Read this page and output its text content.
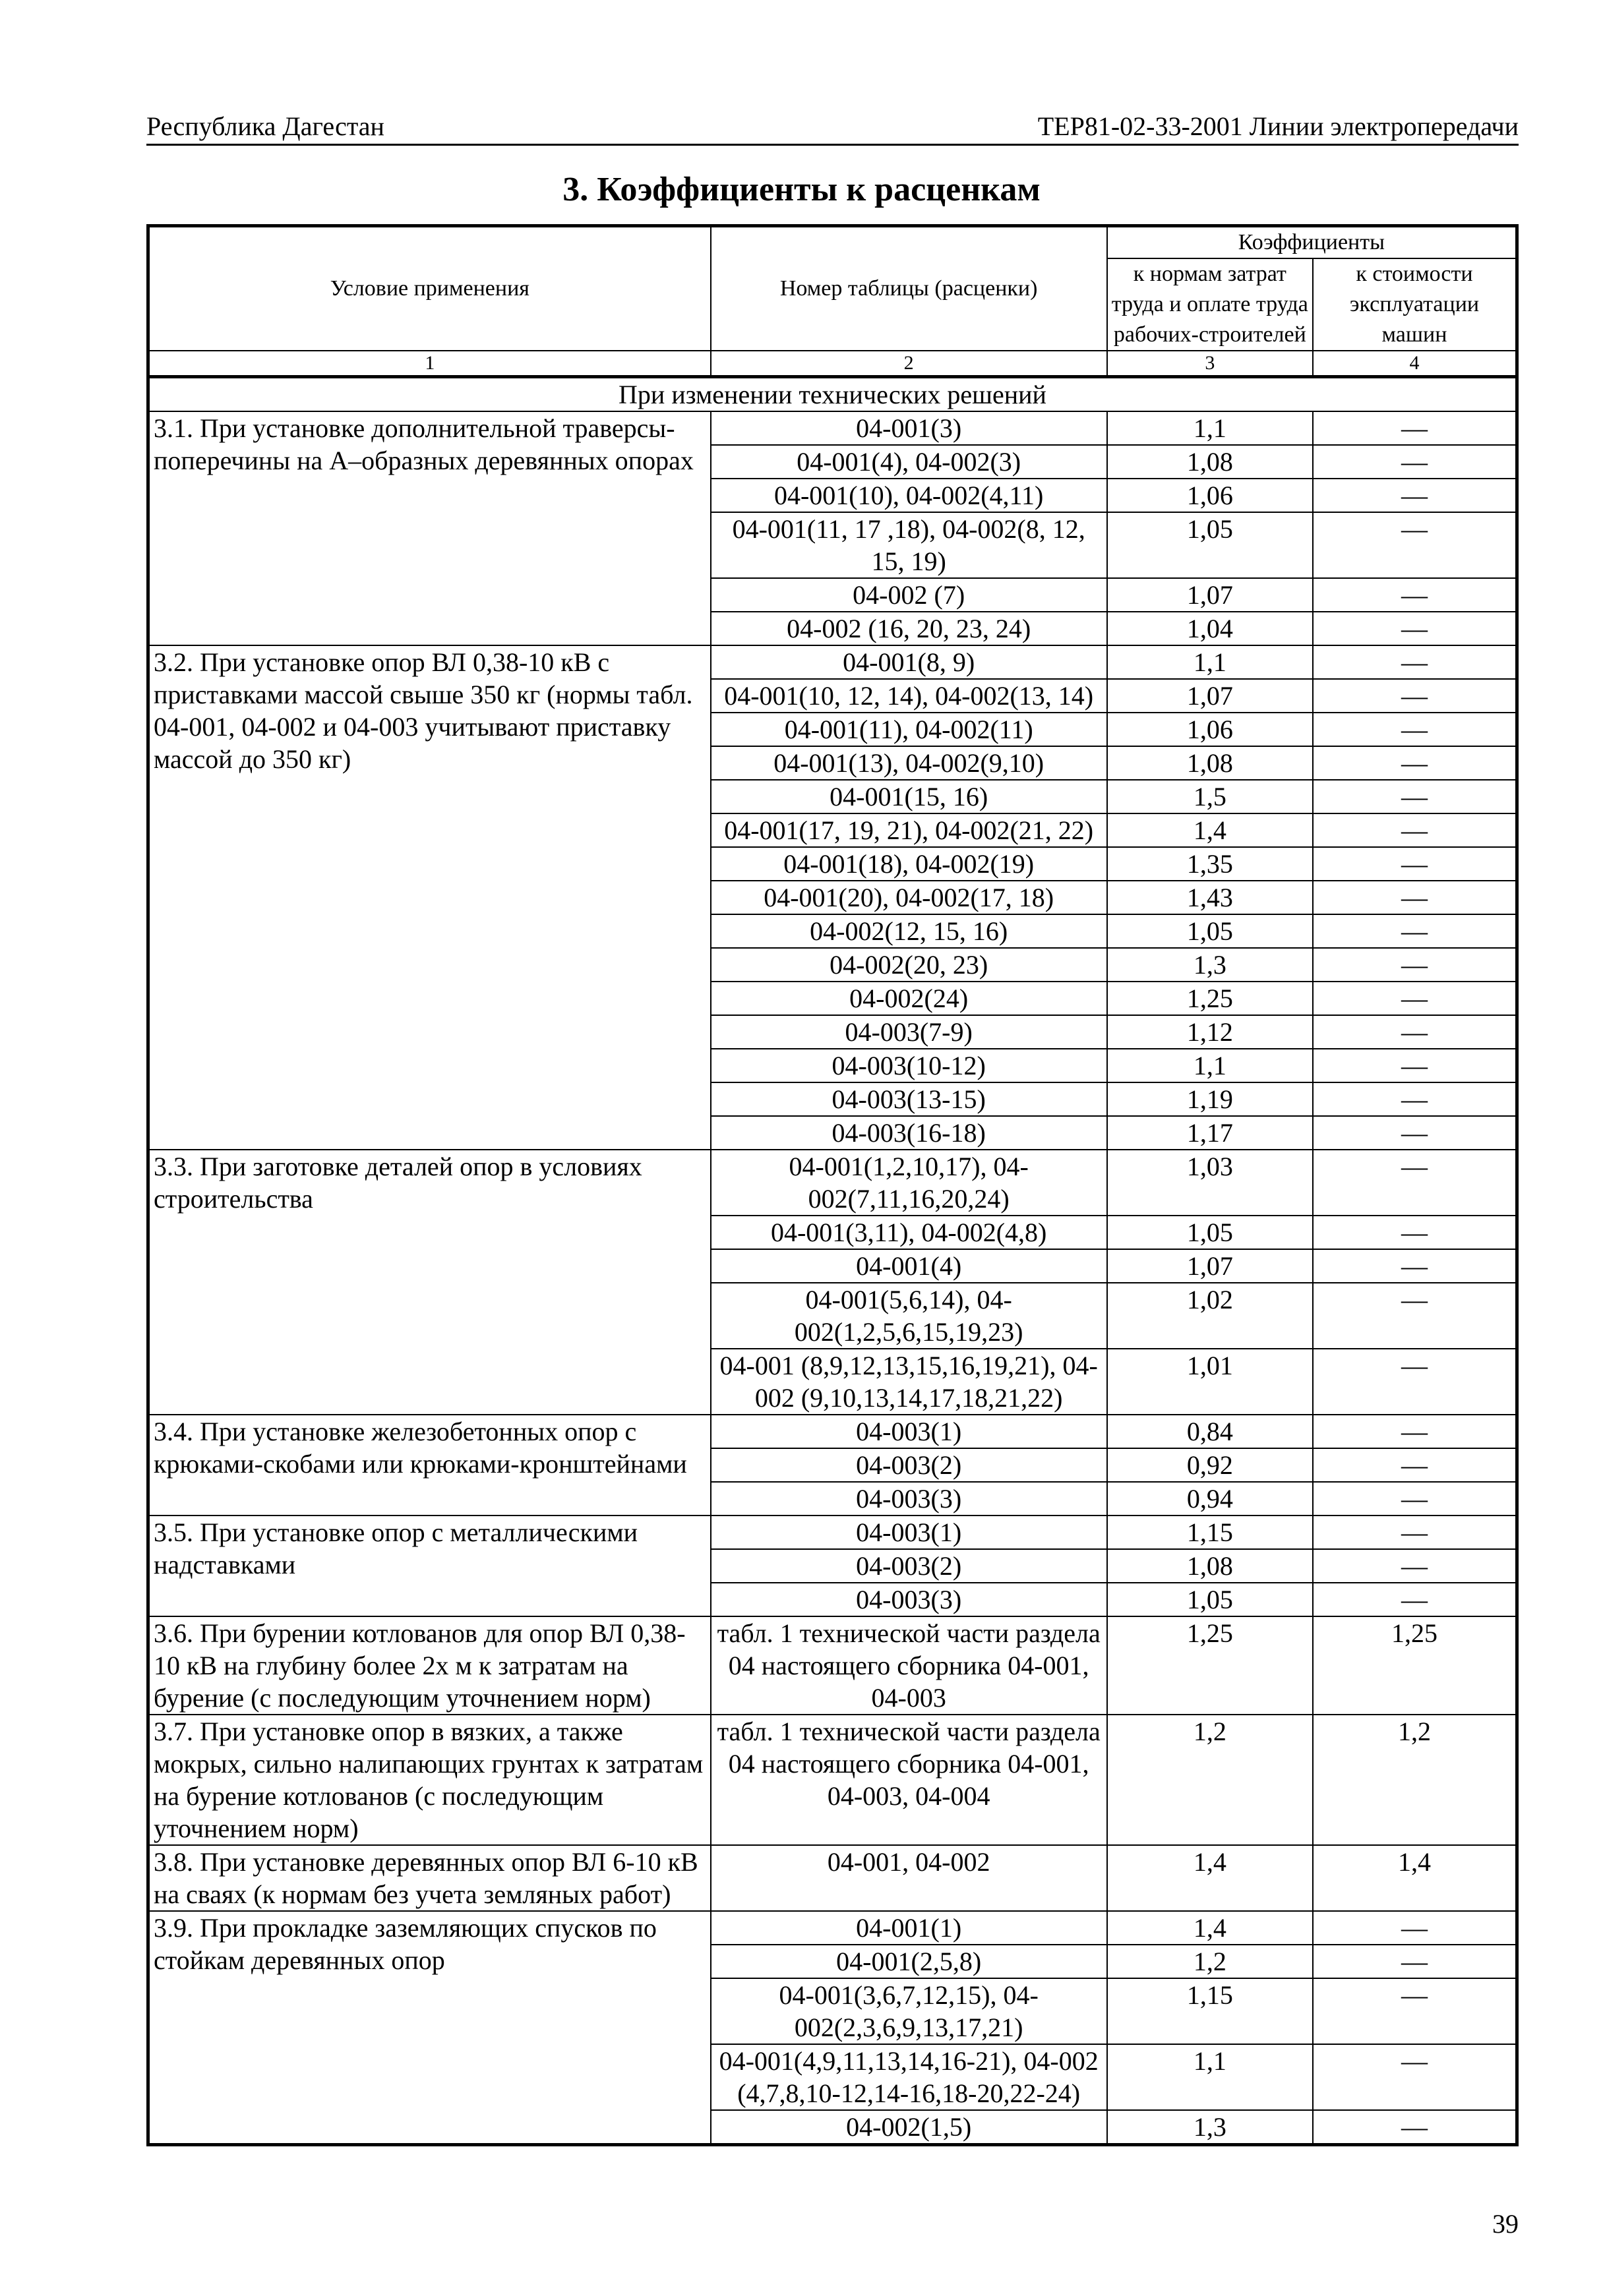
Республика Дагестан	ТЕР81-02-33-2001 Линии электропередачи
3. Коэффициенты к расценкам
Условие применения	Номер таблицы (расценки)	Коэффициенты	
		к нормам затрат труда и оплате труда рабочих-строителей	к стоимости эксплуатации машин
1	2	3	4
При изменении технических решений			
3.1. При установке дополнительной траверсы-поперечины на А–образных деревянных опорах	04-001(3)	1,1	—
	04-001(4), 04-002(3)	1,08	—
	04-001(10), 04-002(4,11)	1,06	—
	04-001(11, 17 ,18), 04-002(8, 12, 15, 19)	1,05	—
	04-002 (7)	1,07	—
	04-002 (16, 20, 23, 24)	1,04	—
3.2. При установке опор ВЛ 0,38-10 кВ с приставками массой свыше 350 кг (нормы табл. 04-001, 04-002 и 04-003 учитывают приставку массой до 350 кг)	04-001(8, 9)	1,1	—
	04-001(10, 12, 14), 04-002(13, 14)	1,07	—
	04-001(11), 04-002(11)	1,06	—
	04-001(13), 04-002(9,10)	1,08	—
	04-001(15, 16)	1,5	—
	04-001(17, 19, 21), 04-002(21, 22)	1,4	—
	04-001(18), 04-002(19)	1,35	—
	04-001(20), 04-002(17, 18)	1,43	—
	04-002(12, 15, 16)	1,05	—
	04-002(20, 23)	1,3	—
	04-002(24)	1,25	—
	04-003(7-9)	1,12	—
	04-003(10-12)	1,1	—
	04-003(13-15)	1,19	—
	04-003(16-18)	1,17	—
3.3. При заготовке деталей опор в условиях строительства	04-001(1,2,10,17), 04-002(7,11,16,20,24)	1,03	—
	04-001(3,11), 04-002(4,8)	1,05	—
	04-001(4)	1,07	—
	04-001(5,6,14), 04-002(1,2,5,6,15,19,23)	1,02	—
	04-001 (8,9,12,13,15,16,19,21), 04-002 (9,10,13,14,17,18,21,22)	1,01	—
3.4. При установке железобетонных опор с крюками-скобами или крюками-кронштейнами	04-003(1)	0,84	—
	04-003(2)	0,92	—
	04-003(3)	0,94	—
3.5. При установке опор с металлическими надставками	04-003(1)	1,15	—
	04-003(2)	1,08	—
	04-003(3)	1,05	—
3.6. При бурении котлованов для опор ВЛ 0,38-10 кВ на глубину более 2х м к затратам на бурение (с последующим уточнением норм)	табл. 1 технической части раздела 04 настоящего сборника 04-001, 04-003	1,25	1,25
3.7. При установке опор в вязких, а также мокрых, сильно налипающих грунтах к затратам на бурение котлованов (с последующим уточнением норм)	табл. 1 технической части раздела 04 настоящего сборника 04-001, 04-003, 04-004	1,2	1,2
3.8. При установке деревянных опор ВЛ 6-10 кВ на сваях (к нормам без учета земляных работ)	04-001, 04-002	1,4	1,4
3.9. При прокладке заземляющих спусков по стойкам деревянных опор	04-001(1)	1,4	—
	04-001(2,5,8)	1,2	—
	04-001(3,6,7,12,15), 04-002(2,3,6,9,13,17,21)	1,15	—
	04-001(4,9,11,13,14,16-21), 04-002 (4,7,8,10-12,14-16,18-20,22-24)	1,1	—
	04-002(1,5)	1,3	—
39
